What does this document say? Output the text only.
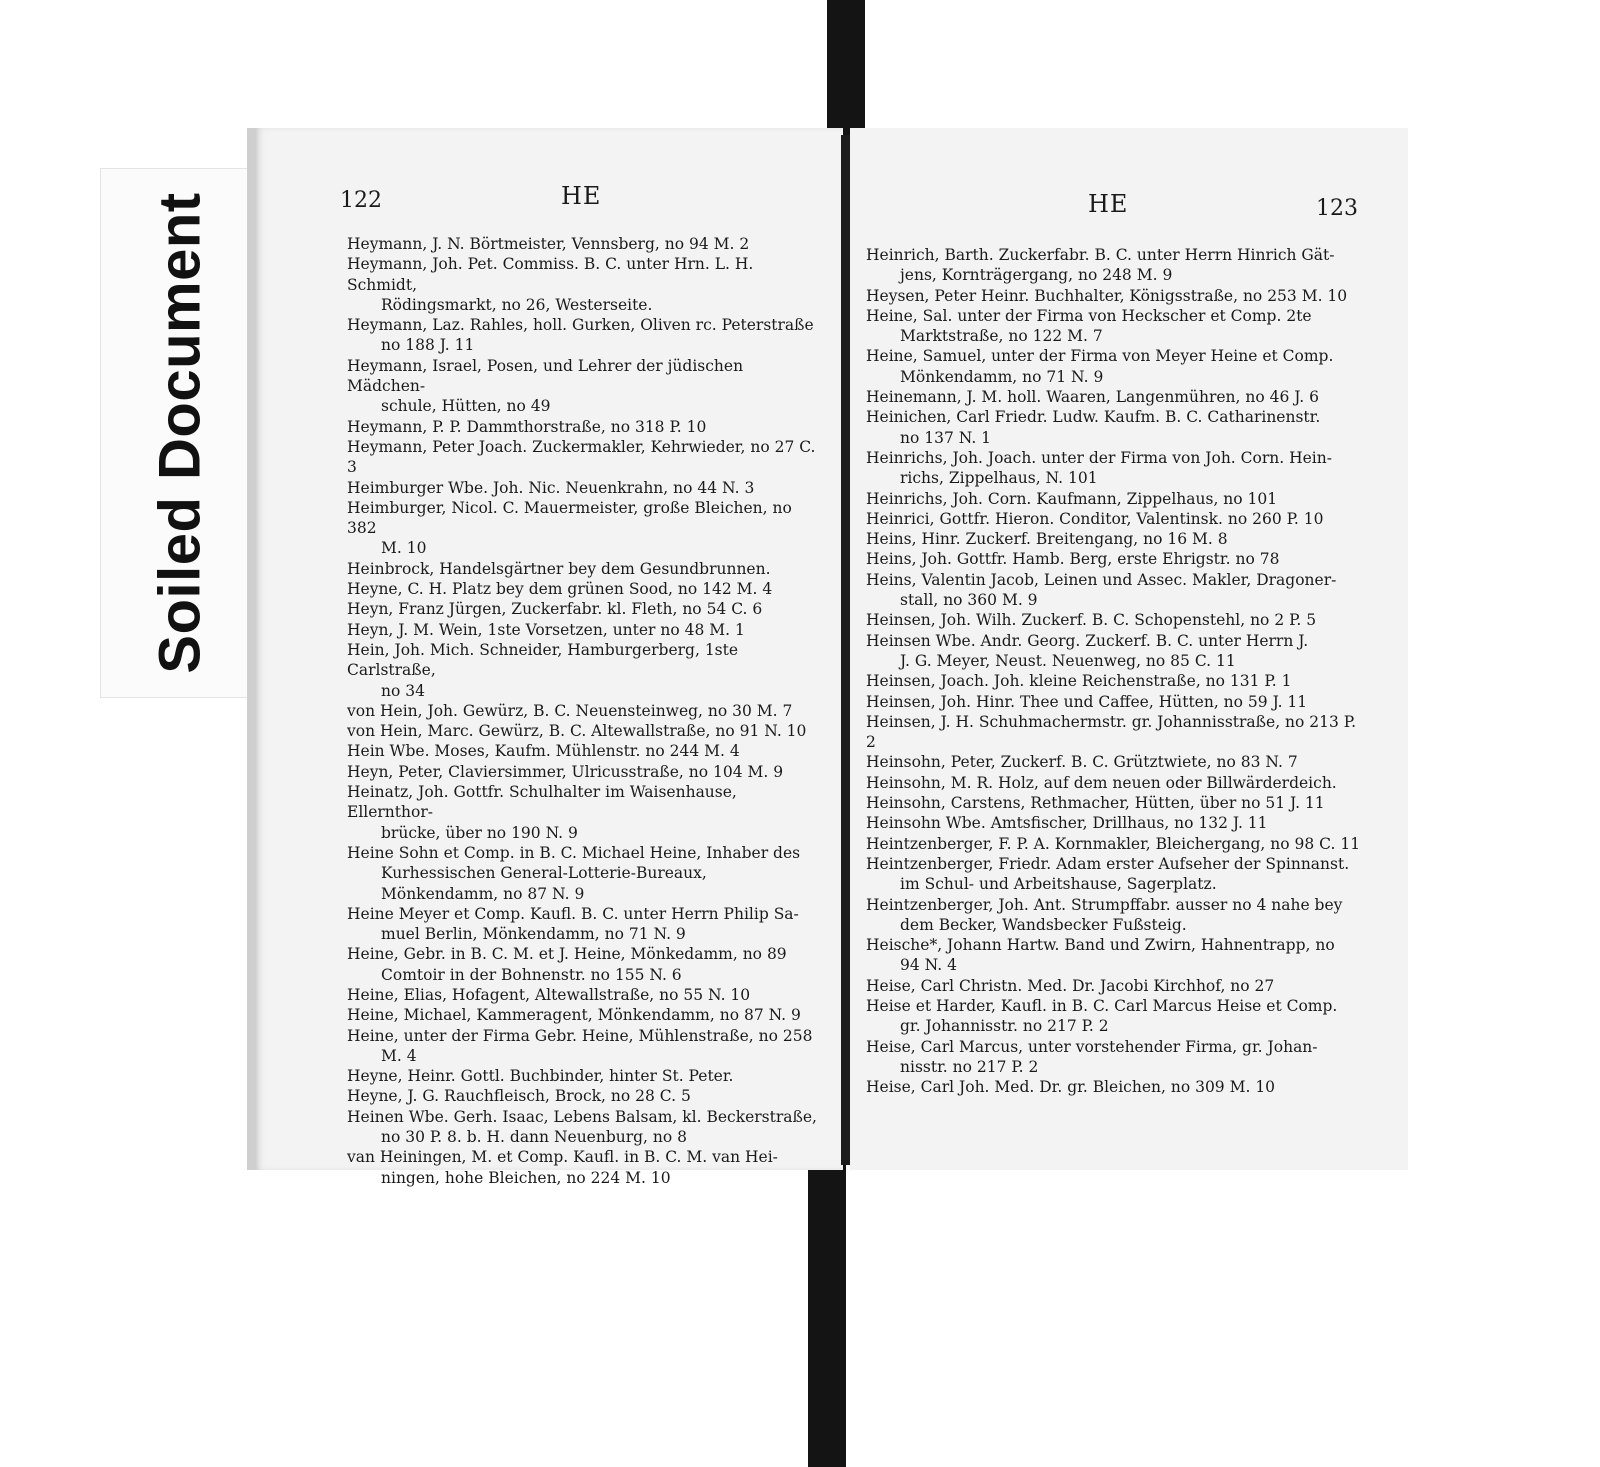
Soiled Document	122	HE
Heymann, J. N. Börtmeister, Vennsberg, no 94 M. 2
Heymann, Joh. Pet. Commiss. B. C. unter Hrn. L. H. Schmidt,
Rödingsmarkt, no 26, Westerseite.
Heymann, Laz. Rahles, holl. Gurken, Oliven rc. Peterstraße
no 188 J. 11
Heymann, Israel, Posen, und Lehrer der jüdischen Mädchen-
schule, Hütten, no 49
Heymann, P. P. Dammthorstraße, no 318 P. 10
Heymann, Peter Joach. Zuckermakler, Kehrwieder, no 27 C. 3
Heimburger Wbe. Joh. Nic. Neuenkrahn, no 44 N. 3
Heimburger, Nicol. C. Mauermeister, große Bleichen, no 382
M. 10
Heinbrock, Handelsgärtner bey dem Gesundbrunnen.
Heyne, C. H. Platz bey dem grünen Sood, no 142 M. 4
Heyn, Franz Jürgen, Zuckerfabr. kl. Fleth, no 54 C. 6
Heyn, J. M. Wein, 1ste Vorsetzen, unter no 48 M. 1
Hein, Joh. Mich. Schneider, Hamburgerberg, 1ste Carlstraße,
no 34
von Hein, Joh. Gewürz, B. C. Neuensteinweg, no 30 M. 7
von Hein, Marc. Gewürz, B. C. Altewallstraße, no 91 N. 10
Hein Wbe. Moses, Kaufm. Mühlenstr. no 244 M. 4
Heyn, Peter, Claviersimmer, Ulricusstraße, no 104 M. 9
Heinatz, Joh. Gottfr. Schulhalter im Waisenhause, Ellernthor-
brücke, über no 190 N. 9
Heine Sohn et Comp. in B. C. Michael Heine, Inhaber des
Kurhessischen General-Lotterie-Bureaux, Mönkendamm, no 87 N. 9
Heine Meyer et Comp. Kaufl. B. C. unter Herrn Philip Sa-
muel Berlin, Mönkendamm, no 71 N. 9
Heine, Gebr. in B. C. M. et J. Heine, Mönkedamm, no 89
Comtoir in der Bohnenstr. no 155 N. 6
Heine, Elias, Hofagent, Altewallstraße, no 55 N. 10
Heine, Michael, Kammeragent, Mönkendamm, no 87 N. 9
Heine, unter der Firma Gebr. Heine, Mühlenstraße, no 258
M. 4
Heyne, Heinr. Gottl. Buchbinder, hinter St. Peter.
Heyne, J. G. Rauchfleisch, Brock, no 28 C. 5
Heinen Wbe. Gerh. Isaac, Lebens Balsam, kl. Beckerstraße,
no 30 P. 8. b. H. dann Neuenburg, no 8
van Heiningen, M. et Comp. Kaufl. in B. C. M. van Hei-
ningen, hohe Bleichen, no 224 M. 10
HE	123
Heinrich, Barth. Zuckerfabr. B. C. unter Herrn Hinrich Gät-
jens, Kornträgergang, no 248 M. 9
Heysen, Peter Heinr. Buchhalter, Königsstraße, no 253 M. 10
Heine, Sal. unter der Firma von Heckscher et Comp. 2te
Marktstraße, no 122 M. 7
Heine, Samuel, unter der Firma von Meyer Heine et Comp.
Mönkendamm, no 71 N. 9
Heinemann, J. M. holl. Waaren, Langenmühren, no 46 J. 6
Heinichen, Carl Friedr. Ludw. Kaufm. B. C. Catharinenstr.
no 137 N. 1
Heinrichs, Joh. Joach. unter der Firma von Joh. Corn. Hein-
richs, Zippelhaus, N. 101
Heinrichs, Joh. Corn. Kaufmann, Zippelhaus, no 101
Heinrici, Gottfr. Hieron. Conditor, Valentinsk. no 260 P. 10
Heins, Hinr. Zuckerf. Breitengang, no 16 M. 8
Heins, Joh. Gottfr. Hamb. Berg, erste Ehrigstr. no 78
Heins, Valentin Jacob, Leinen und Assec. Makler, Dragoner-
stall, no 360 M. 9
Heinsen, Joh. Wilh. Zuckerf. B. C. Schopenstehl, no 2 P. 5
Heinsen Wbe. Andr. Georg. Zuckerf. B. C. unter Herrn J.
J. G. Meyer, Neust. Neuenweg, no 85 C. 11
Heinsen, Joach. Joh. kleine Reichenstraße, no 131 P. 1
Heinsen, Joh. Hinr. Thee und Caffee, Hütten, no 59 J. 11
Heinsen, J. H. Schuhmachermstr. gr. Johannisstraße, no 213 P. 2
Heinsohn, Peter, Zuckerf. B. C. Grütztwiete, no 83 N. 7
Heinsohn, M. R. Holz, auf dem neuen oder Billwärderdeich.
Heinsohn, Carstens, Rethmacher, Hütten, über no 51 J. 11
Heinsohn Wbe. Amtsfischer, Drillhaus, no 132 J. 11
Heintzenberger, F. P. A. Kornmakler, Bleichergang, no 98 C. 11
Heintzenberger, Friedr. Adam erster Aufseher der Spinnanst.
im Schul- und Arbeitshause, Sagerplatz.
Heintzenberger, Joh. Ant. Strumpffabr. ausser no 4 nahe bey
dem Becker, Wandsbecker Fußsteig.
Heische*, Johann Hartw. Band und Zwirn, Hahnentrapp, no
94 N. 4
Heise, Carl Christn. Med. Dr. Jacobi Kirchhof, no 27
Heise et Harder, Kaufl. in B. C. Carl Marcus Heise et Comp.
gr. Johannisstr. no 217 P. 2
Heise, Carl Marcus, unter vorstehender Firma, gr. Johan-
nisstr. no 217 P. 2
Heise, Carl Joh. Med. Dr. gr. Bleichen, no 309 M. 10
